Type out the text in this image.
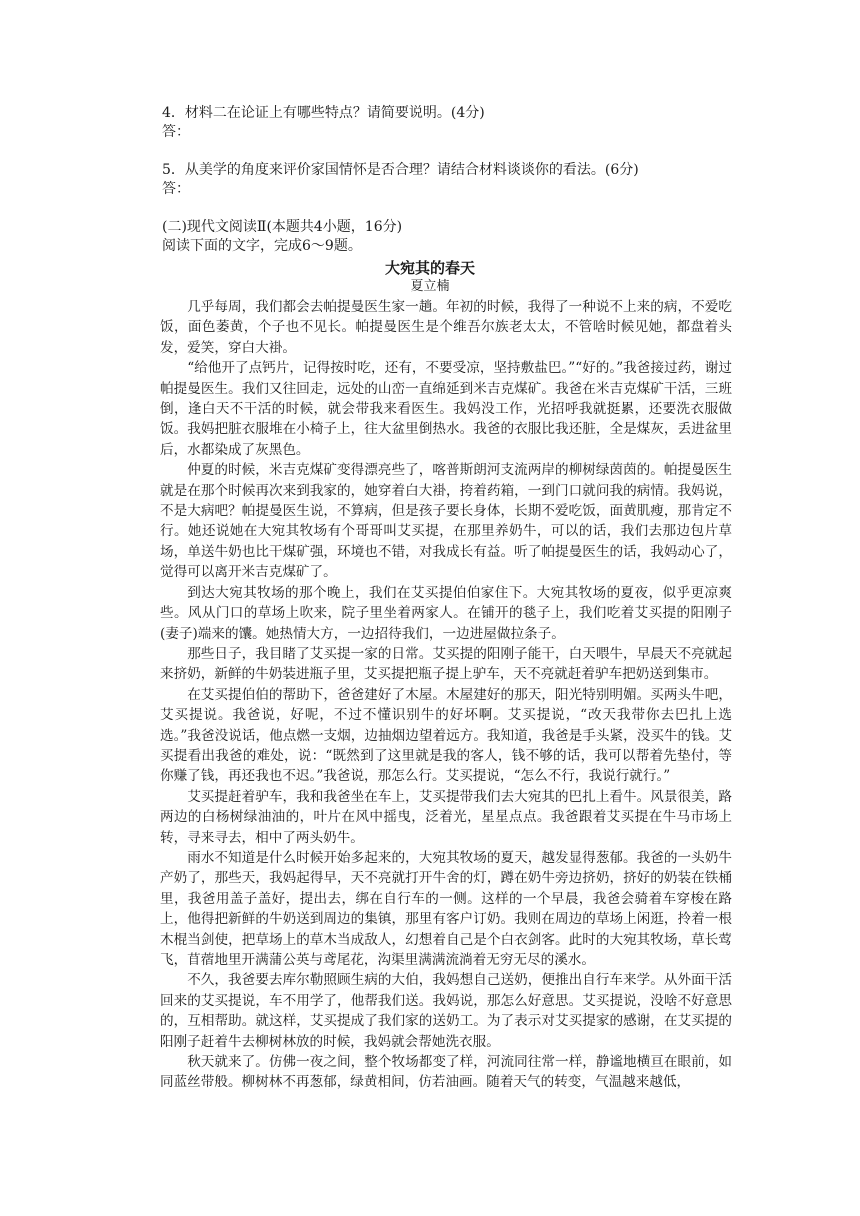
4．材料二在论证上有哪些特点？请简要说明。(4分)

答：

5．从美学的角度来评价家国情怀是否合理？请结合材料谈谈你的看法。(6分)

答：

(二)现代文阅读Ⅱ(本题共4小题，16分)

阅读下面的文字，完成6～9题。

大宛其的春天
夏立楠

几乎每周，我们都会去帕提曼医生家一趟。年初的时候，我得了一种说不上来的病，不爱吃饭，面色萎黄，个子也不见长。帕提曼医生是个维吾尔族老太太，不管啥时候见她，都盘着头发，爱笑，穿白大褂。

“给他开了点钙片，记得按时吃，还有，不要受凉，坚持敷盐巴。”“好的。”我爸接过药，谢过帕提曼医生。我们又往回走，远处的山峦一直绵延到米吉克煤矿。我爸在米吉克煤矿干活，三班倒，逢白天不干活的时候，就会带我来看医生。我妈没工作，光招呼我就挺累，还要洗衣服做饭。我妈把脏衣服堆在小椅子上，往大盆里倒热水。我爸的衣服比我还脏，全是煤灰，丢进盆里后，水都染成了灰黑色。

仲夏的时候，米吉克煤矿变得漂亮些了，喀普斯朗河支流两岸的柳树绿茵茵的。帕提曼医生就是在那个时候再次来到我家的，她穿着白大褂，挎着药箱，一到门口就问我的病情。我妈说，不是大病吧？帕提曼医生说，不算病，但是孩子要长身体，长期不爱吃饭，面黄肌瘦，那肯定不行。她还说她在大宛其牧场有个哥哥叫艾买提，在那里养奶牛，可以的话，我们去那边包片草场，单送牛奶也比干煤矿强，环境也不错，对我成长有益。听了帕提曼医生的话，我妈动心了，觉得可以离开米吉克煤矿了。

到达大宛其牧场的那个晚上，我们在艾买提伯伯家住下。大宛其牧场的夏夜，似乎更凉爽些。风从门口的草场上吹来，院子里坐着两家人。在铺开的毯子上，我们吃着艾买提的阳刚子(妻子)端来的馕。她热情大方，一边招待我们，一边进屋做拉条子。

那些日子，我目睹了艾买提一家的日常。艾买提的阳刚子能干，白天喂牛，早晨天不亮就起来挤奶，新鲜的牛奶装进瓶子里，艾买提把瓶子提上驴车，天不亮就赶着驴车把奶送到集市。

在艾买提伯伯的帮助下，爸爸建好了木屋。木屋建好的那天，阳光特别明媚。买两头牛吧，艾买提说。我爸说，好呢，不过不懂识别牛的好坏啊。艾买提说，“改天我带你去巴扎上选选。”我爸没说话，他点燃一支烟，边抽烟边望着远方。我知道，我爸是手头紧，没买牛的钱。艾买提看出我爸的难处，说：“既然到了这里就是我的客人，钱不够的话，我可以帮着先垫付，等你赚了钱，再还我也不迟。”我爸说，那怎么行。艾买提说，“怎么不行，我说行就行。”

艾买提赶着驴车，我和我爸坐在车上，艾买提带我们去大宛其的巴扎上看牛。风景很美，路两边的白杨树绿油油的，叶片在风中摇曳，泛着光，星星点点。我爸跟着艾买提在牛马市场上转，寻来寻去，相中了两头奶牛。

雨水不知道是什么时候开始多起来的，大宛其牧场的夏天，越发显得葱郁。我爸的一头奶牛产奶了，那些天，我妈起得早，天不亮就打开牛舍的灯，蹲在奶牛旁边挤奶，挤好的奶装在铁桶里，我爸用盖子盖好，提出去，绑在自行车的一侧。这样的一个早晨，我爸会骑着车穿梭在路上，他得把新鲜的牛奶送到周边的集镇，那里有客户订奶。我则在周边的草场上闲逛，拎着一根木棍当剑使，把草场上的草木当成敌人，幻想着自己是个白衣剑客。此时的大宛其牧场，草长莺飞，苜蓿地里开满蒲公英与鸢尾花，沟渠里满满流淌着无穷无尽的溪水。

不久，我爸要去库尔勒照顾生病的大伯，我妈想自己送奶，便推出自行车来学。从外面干活回来的艾买提说，车不用学了，他帮我们送。我妈说，那怎么好意思。艾买提说，没啥不好意思的，互相帮助。就这样，艾买提成了我们家的送奶工。为了表示对艾买提家的感谢，在艾买提的阳刚子赶着牛去柳树林放的时候，我妈就会帮她洗衣服。

秋天就来了。仿佛一夜之间，整个牧场都变了样，河流同往常一样，静谧地横亘在眼前，如同蓝丝带般。柳树林不再葱郁，绿黄相间，仿若油画。随着天气的转变，气温越来越低，
